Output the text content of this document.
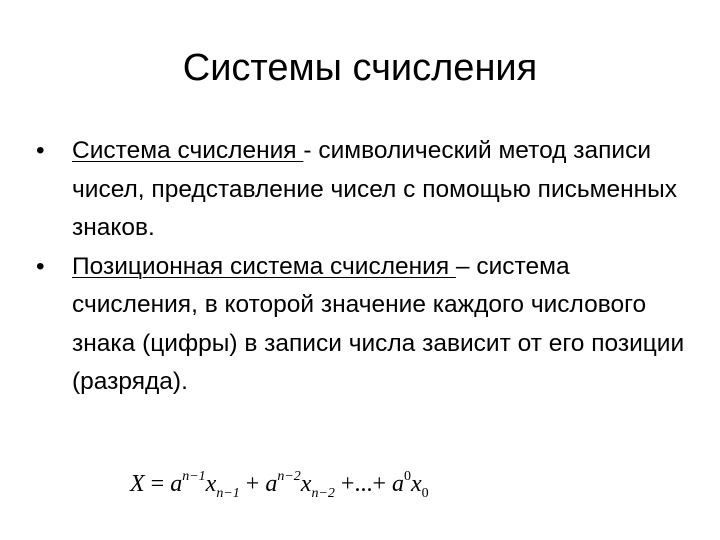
Системы счисления
•	Система счисления - символический метод записи чисел, представление чисел с помощью письменных знаков.
•	Позиционная система счисления – система счисления, в которой значение каждого числового знака (цифры) в записи числа зависит от его позиции (разряда).
$X = a^{n-1}x_{n-1} + a^{n-2}x_{n-2}$ +...+ $a^0x_0$
